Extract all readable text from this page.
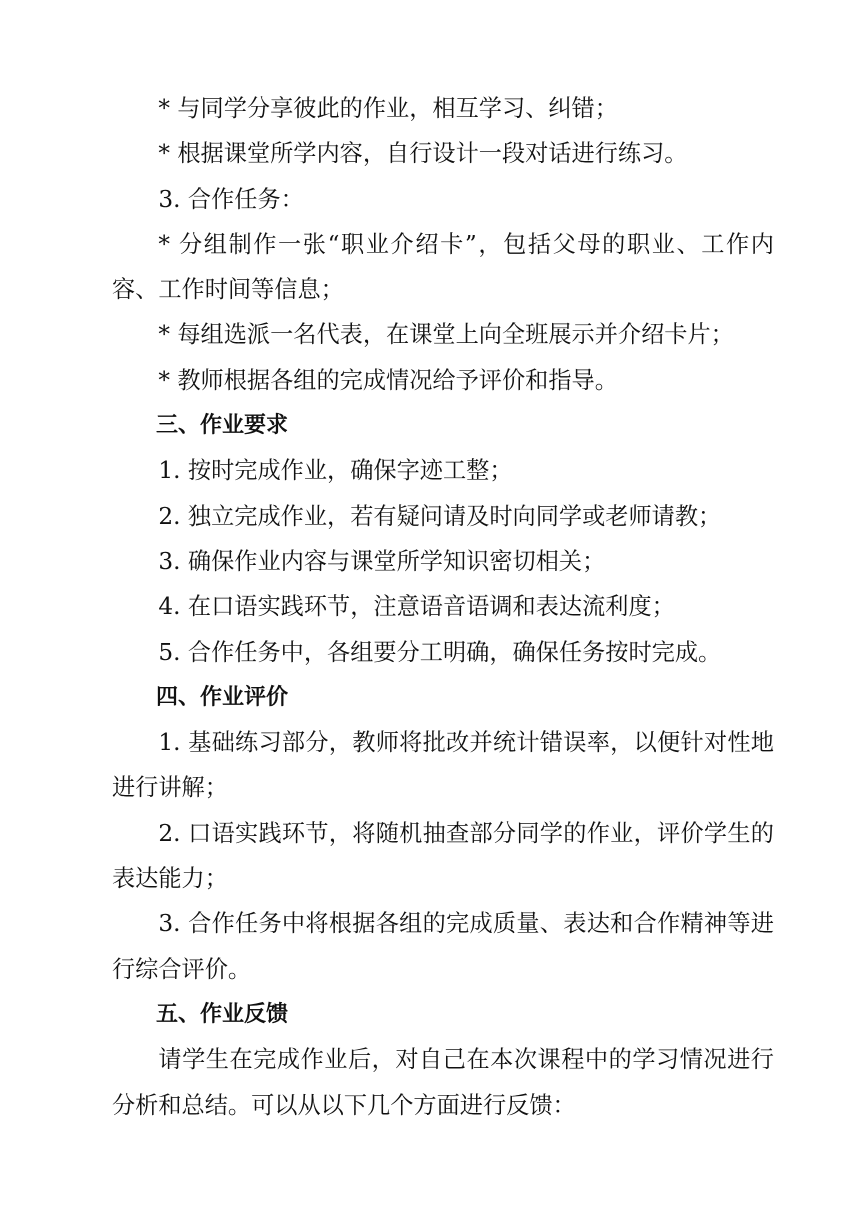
* 与同学分享彼此的作业，相互学习、纠错；

* 根据课堂所学内容，自行设计一段对话进行练习。

3. 合作任务：

* 分组制作一张“职业介绍卡”，包括父母的职业、工作内容、工作时间等信息；

* 每组选派一名代表，在课堂上向全班展示并介绍卡片；

* 教师根据各组的完成情况给予评价和指导。

三、作业要求

1. 按时完成作业，确保字迹工整；

2. 独立完成作业，若有疑问请及时向同学或老师请教；

3. 确保作业内容与课堂所学知识密切相关；

4. 在口语实践环节，注意语音语调和表达流利度；

5. 合作任务中，各组要分工明确，确保任务按时完成。

四、作业评价

1. 基础练习部分，教师将批改并统计错误率，以便针对性地进行讲解；

2. 口语实践环节，将随机抽查部分同学的作业，评价学生的表达能力；

3. 合作任务中将根据各组的完成质量、表达和合作精神等进行综合评价。

五、作业反馈

请学生在完成作业后，对自己在本次课程中的学习情况进行分析和总结。可以从以下几个方面进行反馈：
